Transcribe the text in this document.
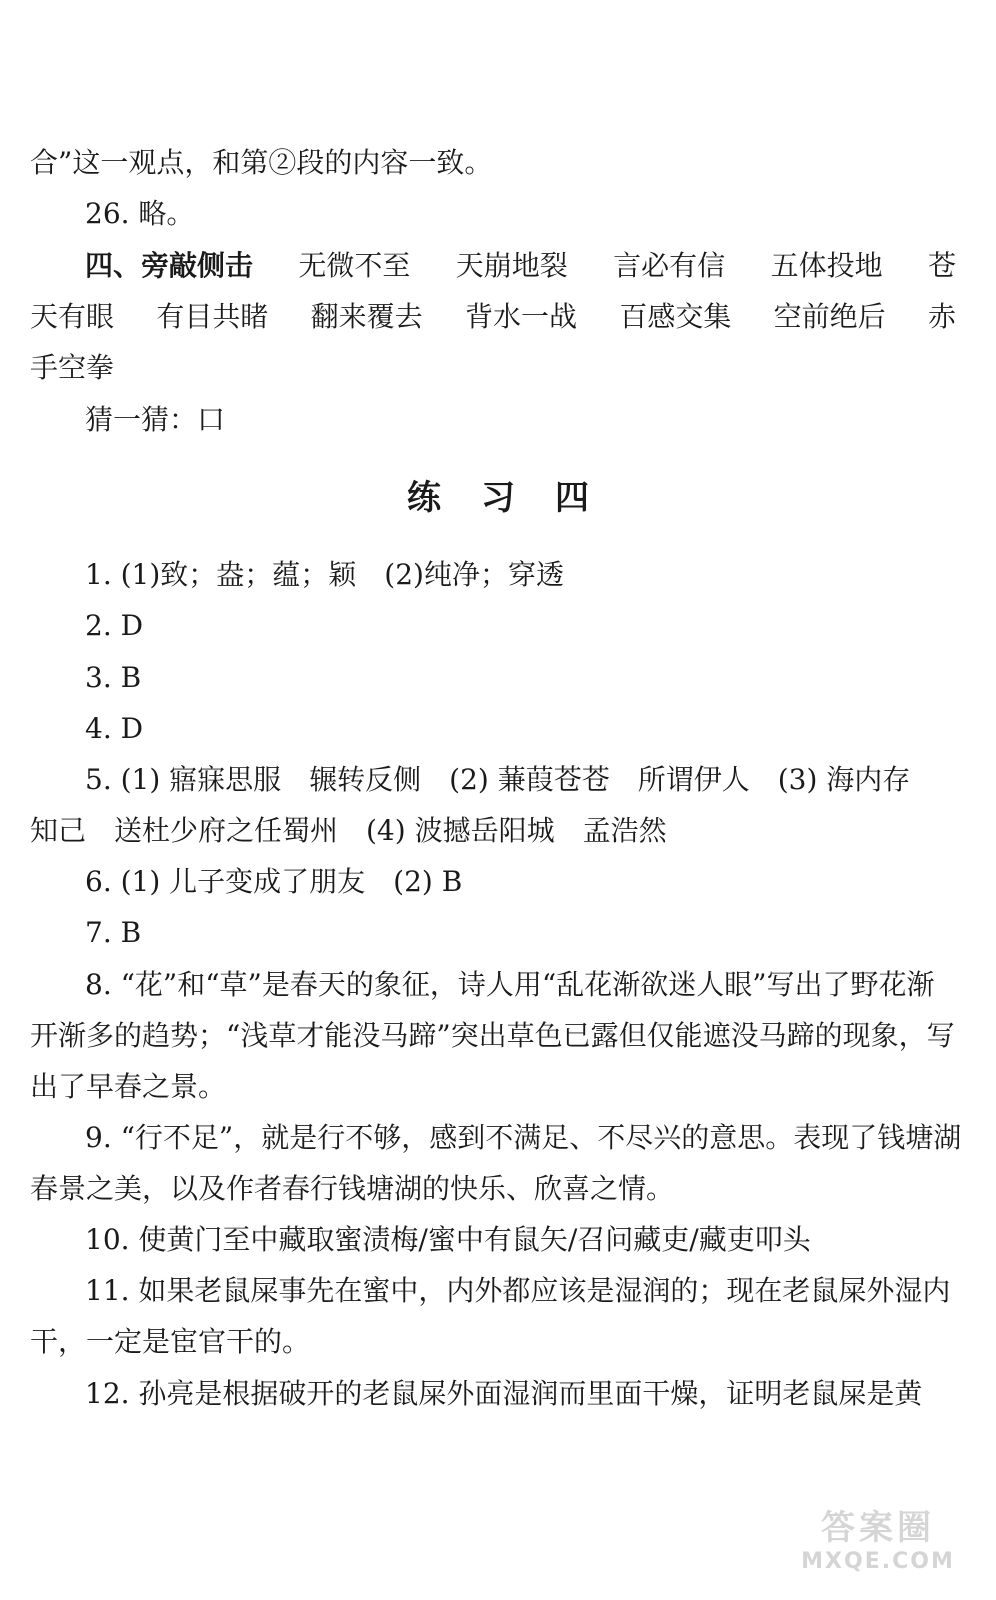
合”这一观点，和第②段的内容一致。
26. 略。
四、旁敲侧击 无微不至 天崩地裂 言必有信 五体投地 苍
天有眼 有目共睹 翻来覆去 背水一战 百感交集 空前绝后 赤
手空拳
猜一猜：口
练习四
1. (1)致；盎；蕴；颖　(2)纯净；穿透
2. D
3. B
4. D
5. (1) 寤寐思服　辗转反侧　(2) 蒹葭苍苍　所谓伊人　(3) 海内存
知己　送杜少府之任蜀州　(4) 波撼岳阳城　孟浩然
6. (1) 儿子变成了朋友　(2) B
7. B
8. “花”和“草”是春天的象征，诗人用“乱花渐欲迷人眼”写出了野花渐
开渐多的趋势；“浅草才能没马蹄”突出草色已露但仅能遮没马蹄的现象，写
出了早春之景。
9. “行不足”，就是行不够，感到不满足、不尽兴的意思。表现了钱塘湖
春景之美，以及作者春行钱塘湖的快乐、欣喜之情。
10. 使黄门至中藏取蜜渍梅/蜜中有鼠矢/召问藏吏/藏吏叩头
11. 如果老鼠屎事先在蜜中，内外都应该是湿润的；现在老鼠屎外湿内
干，一定是宦官干的。
12. 孙亮是根据破开的老鼠屎外面湿润而里面干燥，证明老鼠屎是黄
答案圈
MXQE.COM
